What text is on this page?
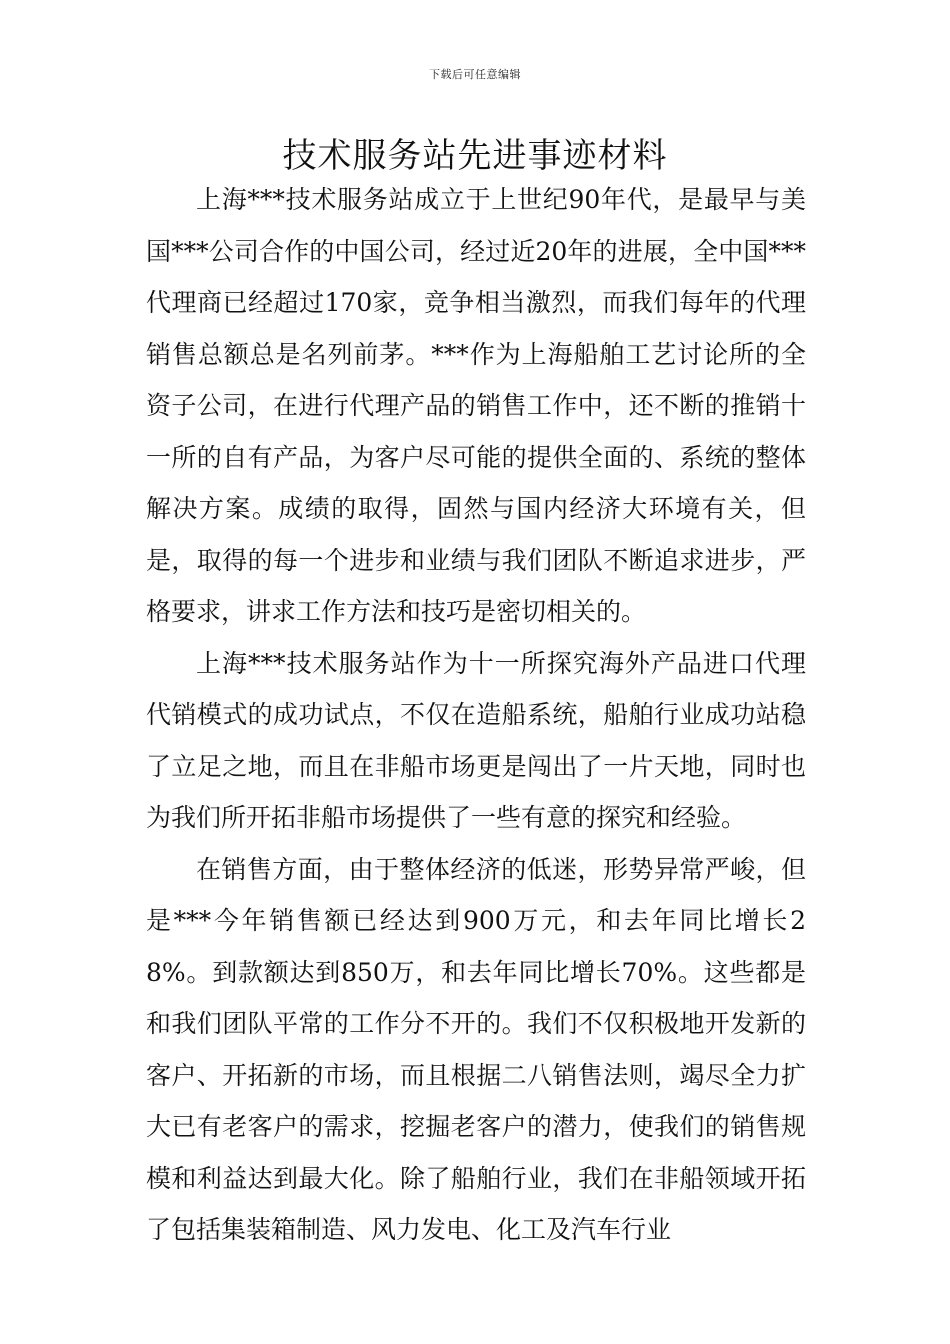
下载后可任意编辑
技术服务站先进事迹材料

上海***技术服务站成立于上世纪90年代，是最早与美国***公司合作的中国公司，经过近20年的进展，全中国***代理商已经超过170家，竞争相当激烈，而我们每年的代理销售总额总是名列前茅。***作为上海船舶工艺讨论所的全资子公司，在进行代理产品的销售工作中，还不断的推销十一所的自有产品，为客户尽可能的提供全面的、系统的整体解决方案。成绩的取得，固然与国内经济大环境有关，但是，取得的每一个进步和业绩与我们团队不断追求进步，严格要求，讲求工作方法和技巧是密切相关的。

上海***技术服务站作为十一所探究海外产品进口代理代销模式的成功试点，不仅在造船系统，船舶行业成功站稳了立足之地，而且在非船市场更是闯出了一片天地，同时也为我们所开拓非船市场提供了一些有意的探究和经验。

在销售方面，由于整体经济的低迷，形势异常严峻，但是***今年销售额已经达到900万元，和去年同比增长28%。到款额达到850万，和去年同比增长70%。这些都是和我们团队平常的工作分不开的。我们不仅积极地开发新的客户、开拓新的市场，而且根据二八销售法则，竭尽全力扩大已有老客户的需求，挖掘老客户的潜力，使我们的销售规模和利益达到最大化。除了船舶行业，我们在非船领域开拓了包括集装箱制造、风力发电、化工及汽车行业
